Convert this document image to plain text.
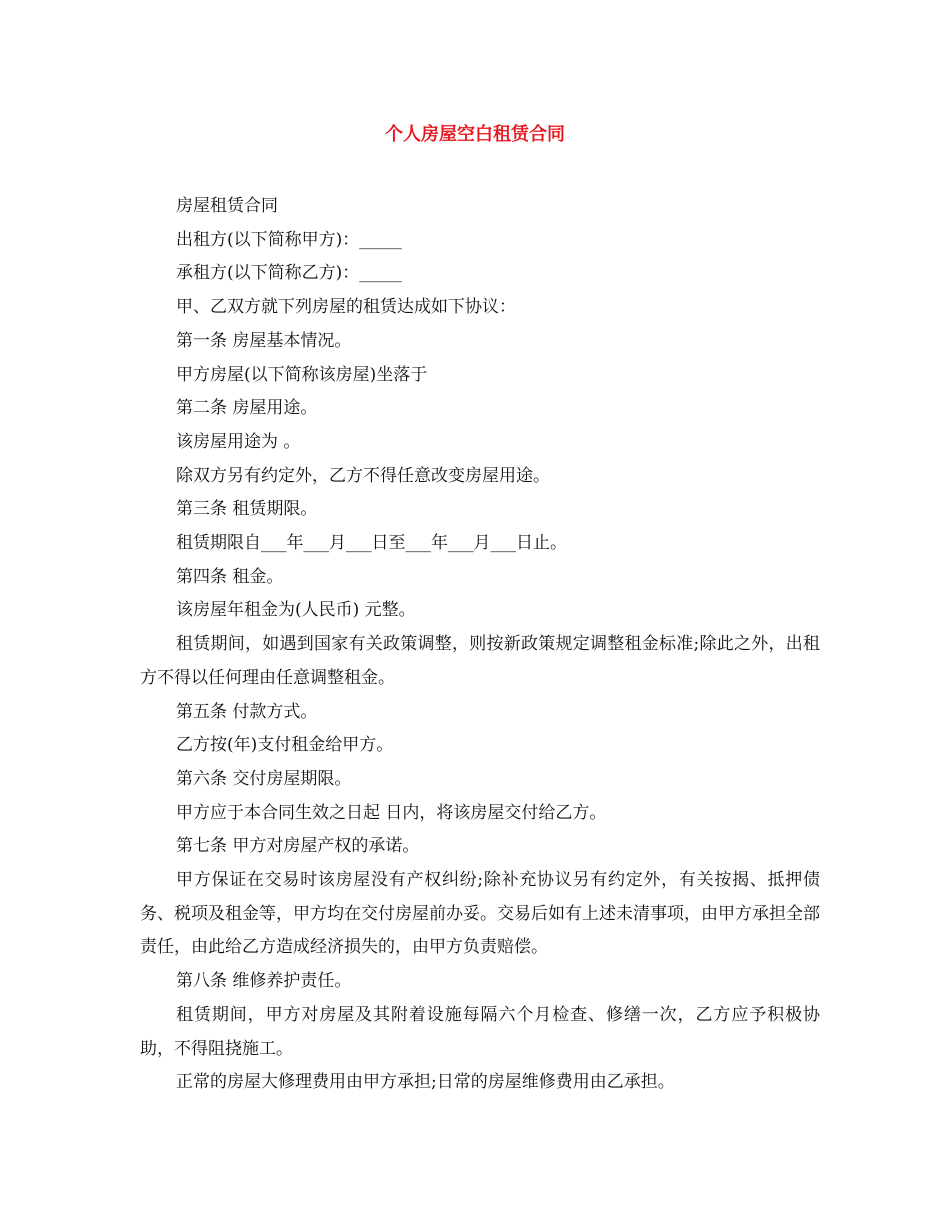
个人房屋空白租赁合同

房屋租赁合同

出租方(以下简称甲方)：_____

承租方(以下简称乙方)：_____

甲、乙双方就下列房屋的租赁达成如下协议：

第一条 房屋基本情况。

甲方房屋(以下简称该房屋)坐落于

第二条 房屋用途。

该房屋用途为 。

除双方另有约定外，乙方不得任意改变房屋用途。

第三条 租赁期限。

租赁期限自___年___月___日至___年___月___日止。

第四条 租金。

该房屋年租金为(人民币) 元整。

租赁期间，如遇到国家有关政策调整，则按新政策规定调整租金标准;除此之外，出租方不得以任何理由任意调整租金。

第五条 付款方式。

乙方按(年)支付租金给甲方。

第六条 交付房屋期限。

甲方应于本合同生效之日起 日内，将该房屋交付给乙方。

第七条 甲方对房屋产权的承诺。

甲方保证在交易时该房屋没有产权纠纷;除补充协议另有约定外，有关按揭、抵押债务、税项及租金等，甲方均在交付房屋前办妥。交易后如有上述未清事项，由甲方承担全部责任，由此给乙方造成经济损失的，由甲方负责赔偿。

第八条 维修养护责任。

租赁期间，甲方对房屋及其附着设施每隔六个月检查、修缮一次，乙方应予积极协助，不得阻挠施工。

正常的房屋大修理费用由甲方承担;日常的房屋维修费用由乙承担。
